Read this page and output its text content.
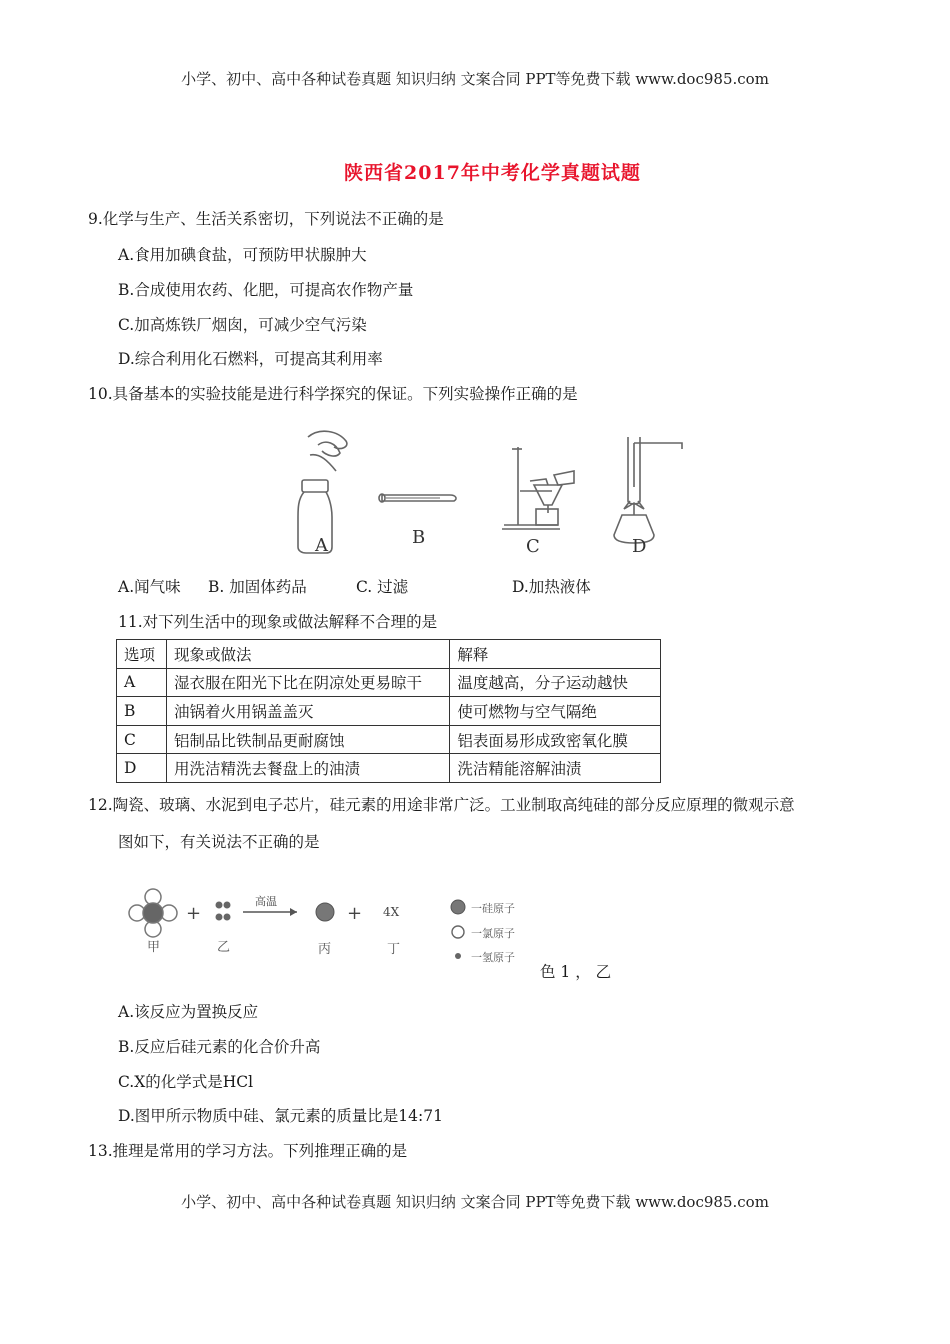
小学、初中、高中各种试卷真题 知识归纳 文案合同 PPT等免费下载 www.doc985.com
陕西省2017年中考化学真题试题
9.化学与生产、生活关系密切，下列说法不正确的是
A.食用加碘食盐，可预防甲状腺肿大
B.合成使用农药、化肥，可提高农作物产量
C.加高炼铁厂烟囱，可减少空气污染
D.综合利用化石燃料，可提高其利用率
10.具备基本的实验技能是进行科学探究的保证。下列实验操作正确的是
A	B	C	D
A.闻气味 B. 加固体药品	C. 过滤	D.加热液体
11.对下列生活中的现象或做法解释不合理的是
选项	现象或做法	解释
A	湿衣服在阳光下比在阴凉处更易晾干	温度越高，分子运动越快
B	油锅着火用锅盖盖灭	使可燃物与空气隔绝
C	铝制品比铁制品更耐腐蚀	铝表面易形成致密氧化膜
D	用洗洁精洗去餐盘上的油渍	洗洁精能溶解油渍
12.陶瓷、玻璃、水泥到电子芯片，硅元素的用途非常广泛。工业制取高纯硅的部分反应原理的微观示意
图如下，有关说法不正确的是
+
高温
+ 4X
甲	乙	丙	丁
一硅原子
一氯原子
一氢原子
色 1 ， 乙
A.该反应为置换反应
B.反应后硅元素的化合价升高
C.X的化学式是HCl
D.图甲所示物质中硅、氯元素的质量比是14:71
13.推理是常用的学习方法。下列推理正确的是
小学、初中、高中各种试卷真题 知识归纳 文案合同 PPT等免费下载 www.doc985.com
